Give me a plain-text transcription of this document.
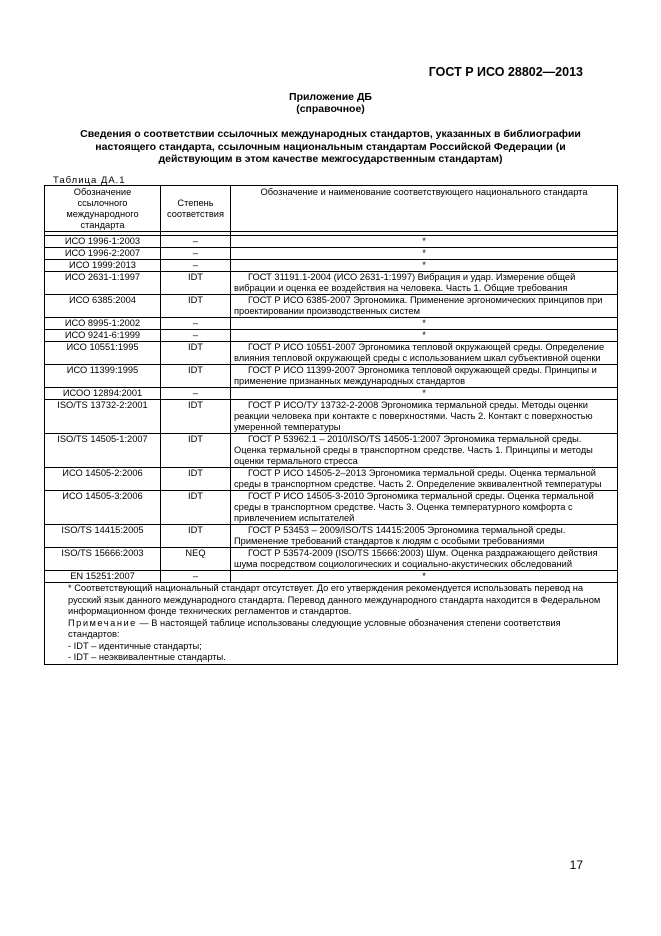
ГОСТ Р ИСО 28802—2013
Приложение ДБ
(справочное)
Сведения о соответствии ссылочных международных стандартов, указанных в библиографии
настоящего стандарта, ссылочным национальным стандартам Российской Федерации (и
действующим в этом качестве межгосударственным стандартам)
Таблица ДА.1
Обозначение ссылочного международного стандарта	Степень соответствия	Обозначение и наименование соответствующего национального стандарта

ИСО 1996-1:2003	–	*
ИСО 1996-2:2007	–	*
ИСО 1999:2013	–	*
ИСО 2631-1:1997	IDT	ГОСТ 31191.1-2004 (ИСО 2631-1:1997) Вибрация и удар. Измерение общей вибрации и оценка ее воздействия на человека. Часть 1. Общие требования
ИСО 6385:2004	IDT	ГОСТ Р ИСО 6385-2007 Эргономика. Применение эргономических принципов при проектировании производственных систем
ИСО 8995-1:2002	–	*
ИСО 9241-6:1999	–	*
ИСО 10551:1995	IDT	ГОСТ Р ИСО 10551-2007 Эргономика тепловой окружающей среды. Определение влияния тепловой окружающей среды с использованием шкал субъективной оценки
ИСО 11399:1995	IDT	ГОСТ Р ИСО 11399-2007 Эргономика тепловой окружающей среды. Принципы и применение признанных международных стандартов
ИСОО 12894:2001	–	*
ISO/TS 13732-2:2001	IDT	ГОСТ Р ИСО/ТУ 13732-2-2008 Эргономика термальной среды. Методы оценки реакции человека при контакте с поверхностями. Часть 2. Контакт с поверхностью умеренной температуры
ISO/TS 14505-1:2007	IDT	ГОСТ Р 53962.1 – 2010/ISO/TS 14505-1:2007 Эргономика термальной среды. Оценка термальной среды в транспортном средстве. Часть 1. Принципы и методы оценки термального стресса
ИСО 14505-2:2006	IDT	ГОСТ Р ИСО 14505-2–2013 Эргономика термальной среды. Оценка термальной среды в транспортном средстве. Часть 2. Определение эквивалентной температуры
ИСО 14505-3:2006	IDT	ГОСТ Р ИСО 14505-3-2010 Эргономика термальной среды. Оценка термальной среды в транспортном средстве. Часть 3. Оценка температурного комфорта с привлечением испытателей
ISO/TS 14415:2005	IDT	ГОСТ Р 53453 – 2009/ISO/TS 14415:2005 Эргономика термальной среды. Применение требований стандартов к людям с особыми требованиями
ISO/TS 15666:2003	NEQ	ГОСТ Р 53574-2009 (ISO/TS 15666:2003) Шум. Оценка раздражающего действия шума посредством социологических и социально-акустических обследований
EN 15251:2007	–	*

* Соответствующий национальный стандарт отсутствует. До его утверждения рекомендуется использовать перевод на русский язык данного международного стандарта. Перевод данного международного стандарта находится в Федеральном информационном фонде технических регламентов и стандартов.

Примечание — В настоящей таблице использованы следующие условные обозначения степени соответствия стандартов:

- IDT – идентичные стандарты;

- IDT – неэквивалентные стандарты.		

17
